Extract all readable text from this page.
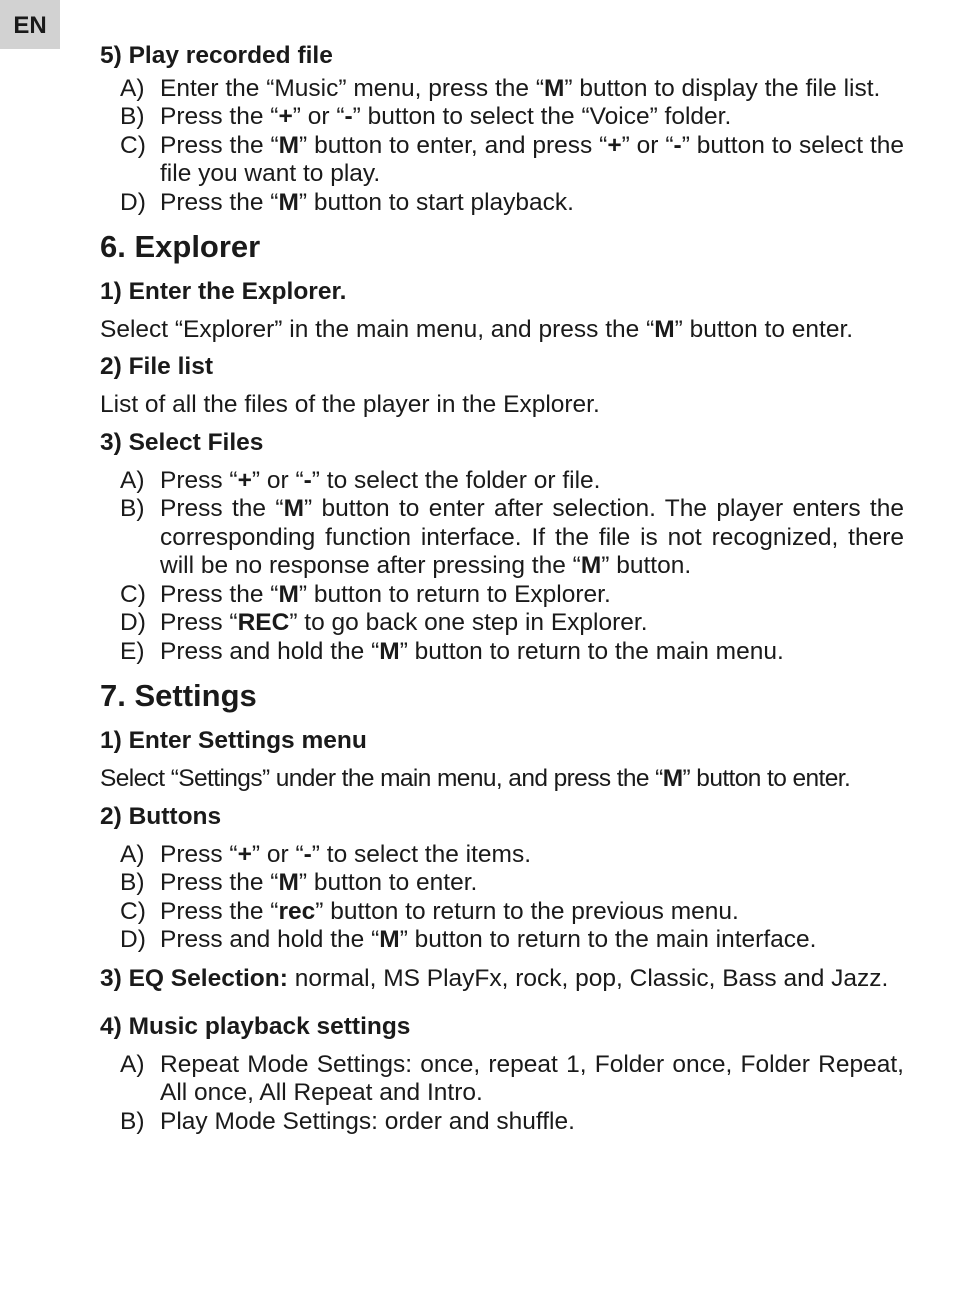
EN

5) Play recorded file

A) Enter the “Music” menu, press the “M” button to display the file list.
B) Press the “+” or “-” button to select the “Voice” folder.
C) Press the “M” button to enter, and press “+” or “-” button to select the file you want to play.
D) Press the “M” button to start playback.

6. Explorer

1) Enter the Explorer.

Select “Explorer” in the main menu, and press the “M” button to enter.

2) File list

List of all the files of the player in the Explorer.

3) Select Files

A) Press “+” or “-” to select the folder or file.
B) Press the “M” button to enter after selection. The player enters the corresponding function interface. If the file is not recognized, there will be no response after pressing the “M” button.
C) Press the “M” button to return to Explorer.
D) Press “REC” to go back one step in Explorer.
E) Press and hold the “M” button to return to the main menu.

7. Settings

1) Enter Settings menu

Select “Settings” under the main menu, and press the “M” button to enter.

2) Buttons

A) Press “+” or “-” to select the items.
B) Press the “M” button to enter.
C) Press the “rec” button to return to the previous menu.
D) Press and hold the “M” button to return to the main interface.

3) EQ Selection: normal, MS PlayFx, rock, pop, Classic, Bass and Jazz.

4) Music playback settings

A) Repeat Mode Settings: once, repeat 1, Folder once, Folder Repeat, All once, All Repeat and Intro.
B) Play Mode Settings: order and shuffle.
